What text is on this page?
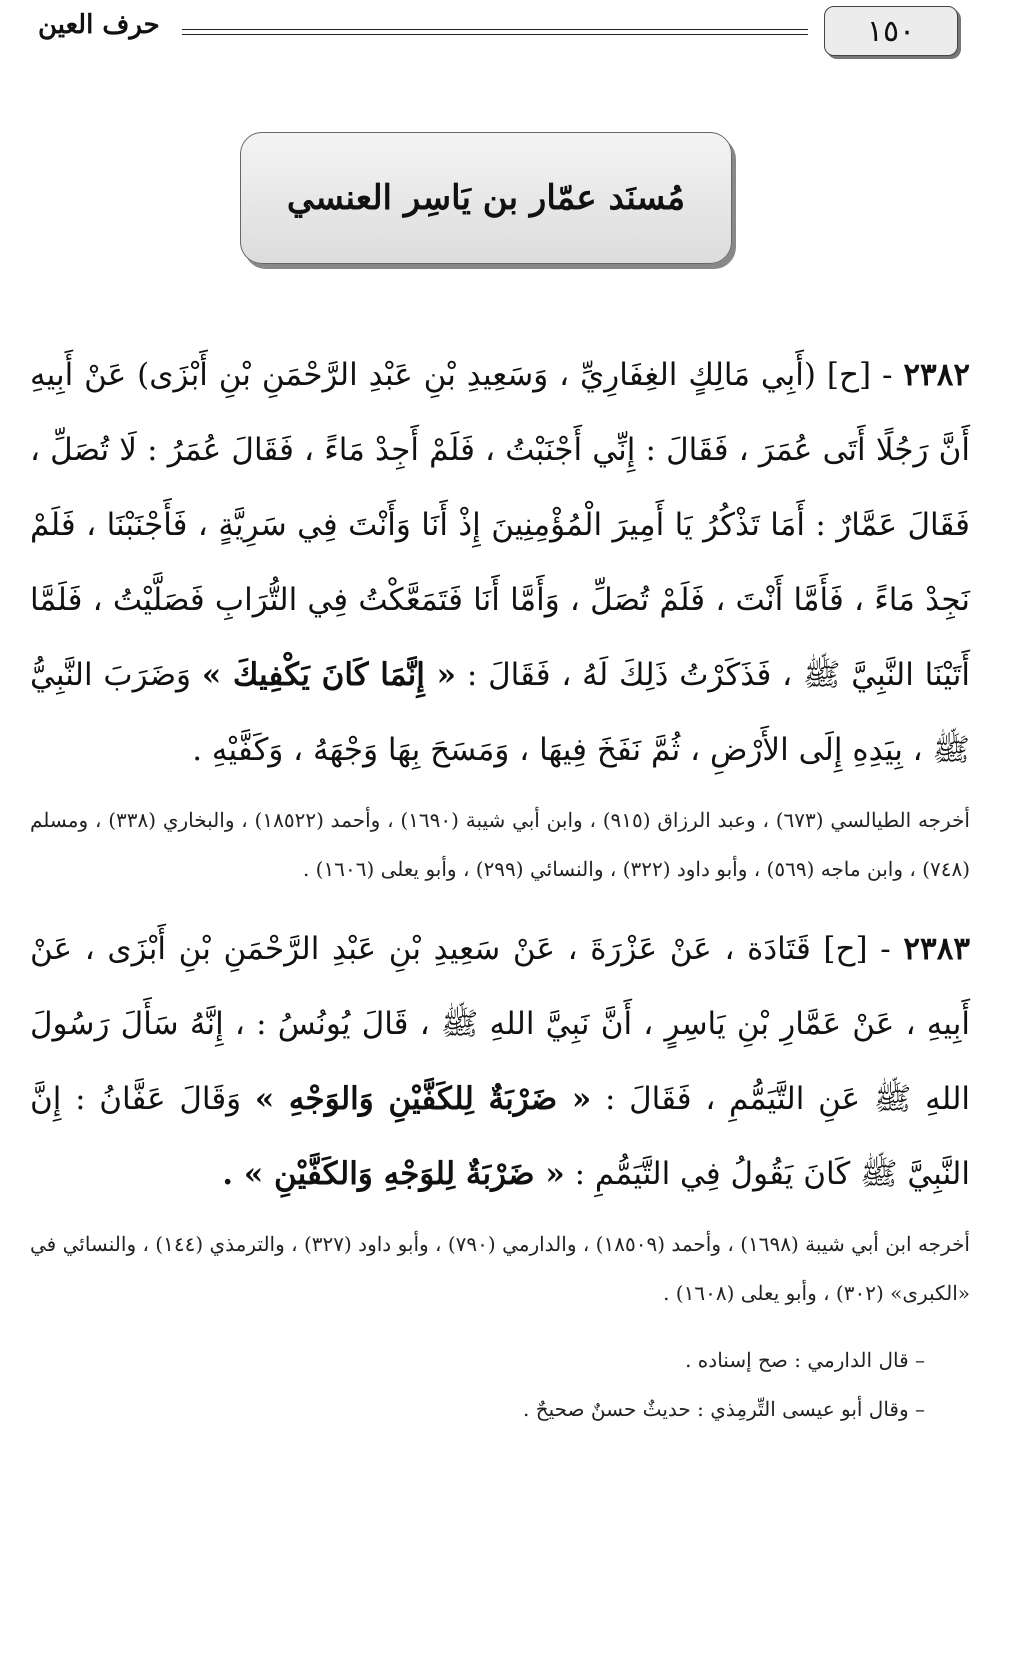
١٥٠
حرف العين
مُسنَد عمّار بن يَاسِر العنسي

٢٣٨٢ - [ح] (أَبِي مَالِكٍ الغِفَارِيِّ ، وَسَعِيدِ بْنِ عَبْدِ الرَّحْمَنِ بْنِ أَبْزَى) عَنْ أَبِيهِ أَنَّ رَجُلًا أَتَى عُمَرَ ، فَقَالَ : إِنِّي أَجْنَبْتُ ، فَلَمْ أَجِدْ مَاءً ، فَقَالَ عُمَرُ : لَا تُصَلِّ ، فَقَالَ عَمَّارٌ : أَمَا تَذْكُرُ يَا أَمِيرَ الْمُؤْمِنِينَ إِذْ أَنَا وَأَنْتَ فِي سَرِيَّةٍ ، فَأَجْنَبْنَا ، فَلَمْ نَجِدْ مَاءً ، فَأَمَّا أَنْتَ ، فَلَمْ تُصَلِّ ، وَأَمَّا أَنَا فَتَمَعَّكْتُ فِي التُّرَابِ فَصَلَّيْتُ ، فَلَمَّا أَتَيْنَا النَّبِيَّ ﷺ ، فَذَكَرْتُ ذَلِكَ لَهُ ، فَقَالَ : « إِنَّمَا كَانَ يَكْفِيكَ » وَضَرَبَ النَّبِيُّ ﷺ ، بِيَدِهِ إِلَى الأَرْضِ ، ثُمَّ نَفَخَ فِيهَا ، وَمَسَحَ بِهَا وَجْهَهُ ، وَكَفَّيْهِ .

أخرجه الطيالسي (٦٧٣) ، وعبد الرزاق (٩١٥) ، وابن أبي شيبة (١٦٩٠) ، وأحمد (١٨٥٢٢) ، والبخاري (٣٣٨) ، ومسلم (٧٤٨) ، وابن ماجه (٥٦٩) ، وأبو داود (٣٢٢) ، والنسائي (٢٩٩) ، وأبو يعلى (١٦٠٦) .

٢٣٨٣ - [ح] قَتَادَة ، عَنْ عَزْرَةَ ، عَنْ سَعِيدِ بْنِ عَبْدِ الرَّحْمَنِ بْنِ أَبْزَى ، عَنْ أَبِيهِ ، عَنْ عَمَّارِ بْنِ يَاسِرٍ ، أَنَّ نَبِيَّ اللهِ ﷺ ، قَالَ يُونُسُ : ، إِنَّهُ سَأَلَ رَسُولَ اللهِ ﷺ عَنِ التَّيَمُّمِ ، فَقَالَ : « ضَرْبَةٌ لِلكَفَّيْنِ وَالوَجْهِ » وَقَالَ عَفَّانُ : إِنَّ النَّبِيَّ ﷺ كَانَ يَقُولُ فِي التَّيَمُّمِ : « ضَرْبَةٌ لِلوَجْهِ وَالكَفَّيْنِ » .

أخرجه ابن أبي شيبة (١٦٩٨) ، وأحمد (١٨٥٠٩) ، والدارمي (٧٩٠) ، وأبو داود (٣٢٧) ، والترمذي (١٤٤) ، والنسائي في «الكبرى» (٣٠٢) ، وأبو يعلى (١٦٠٨) .

– قال الدارمي : صح إسناده .
– وقال أبو عيسى التِّرمِذي : حديثٌ حسنٌ صحيحٌ .
